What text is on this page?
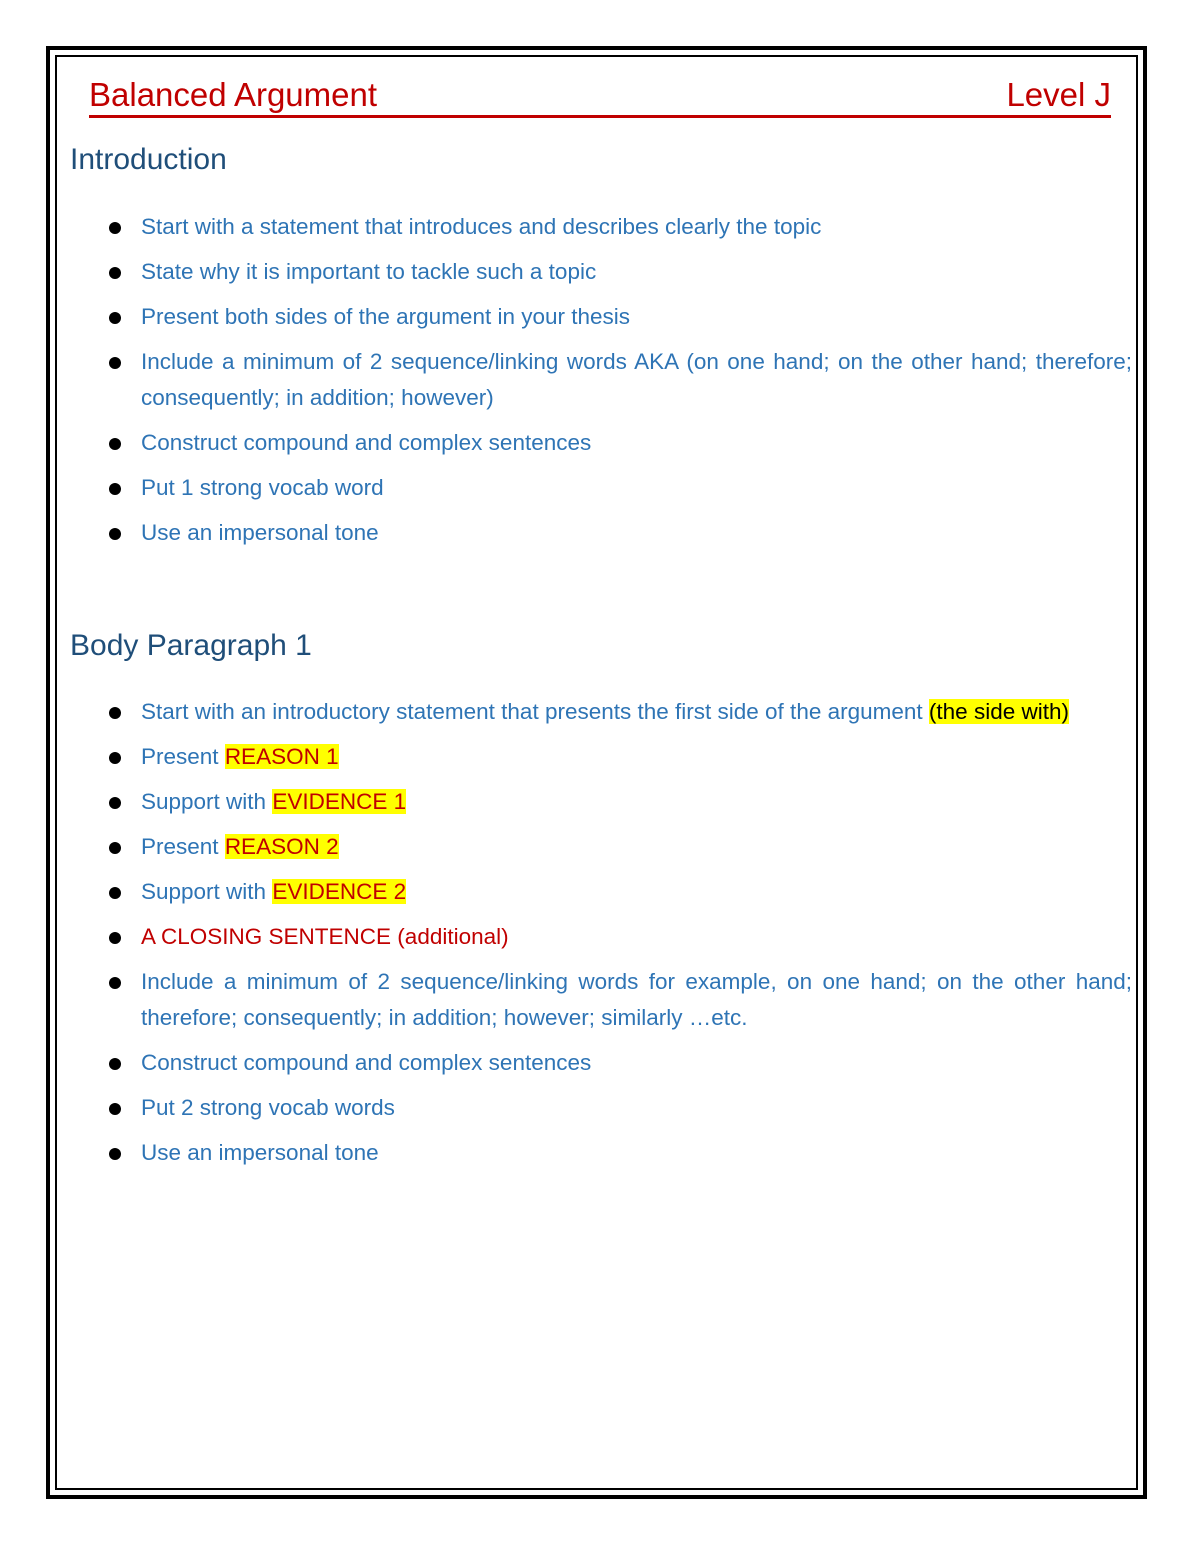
Balanced Argument	Level J
Introduction
Start with a statement that introduces and describes clearly the topic
State why it is important to tackle such a topic
Present both sides of the argument in your thesis
Include a minimum of 2 sequence/linking words AKA (on one hand; on the other hand; therefore; consequently; in addition; however)
Construct compound and complex sentences
Put 1 strong vocab word
Use an impersonal tone
Body Paragraph 1
Start with an introductory statement that presents the first side of the argument (the side with)
Present REASON 1
Support with EVIDENCE 1
Present REASON 2
Support with EVIDENCE 2
A CLOSING SENTENCE (additional)
Include a minimum of 2 sequence/linking words for example, on one hand; on the other hand; therefore; consequently; in addition; however; similarly …etc.
Construct compound and complex sentences
Put 2 strong vocab words
Use an impersonal tone
